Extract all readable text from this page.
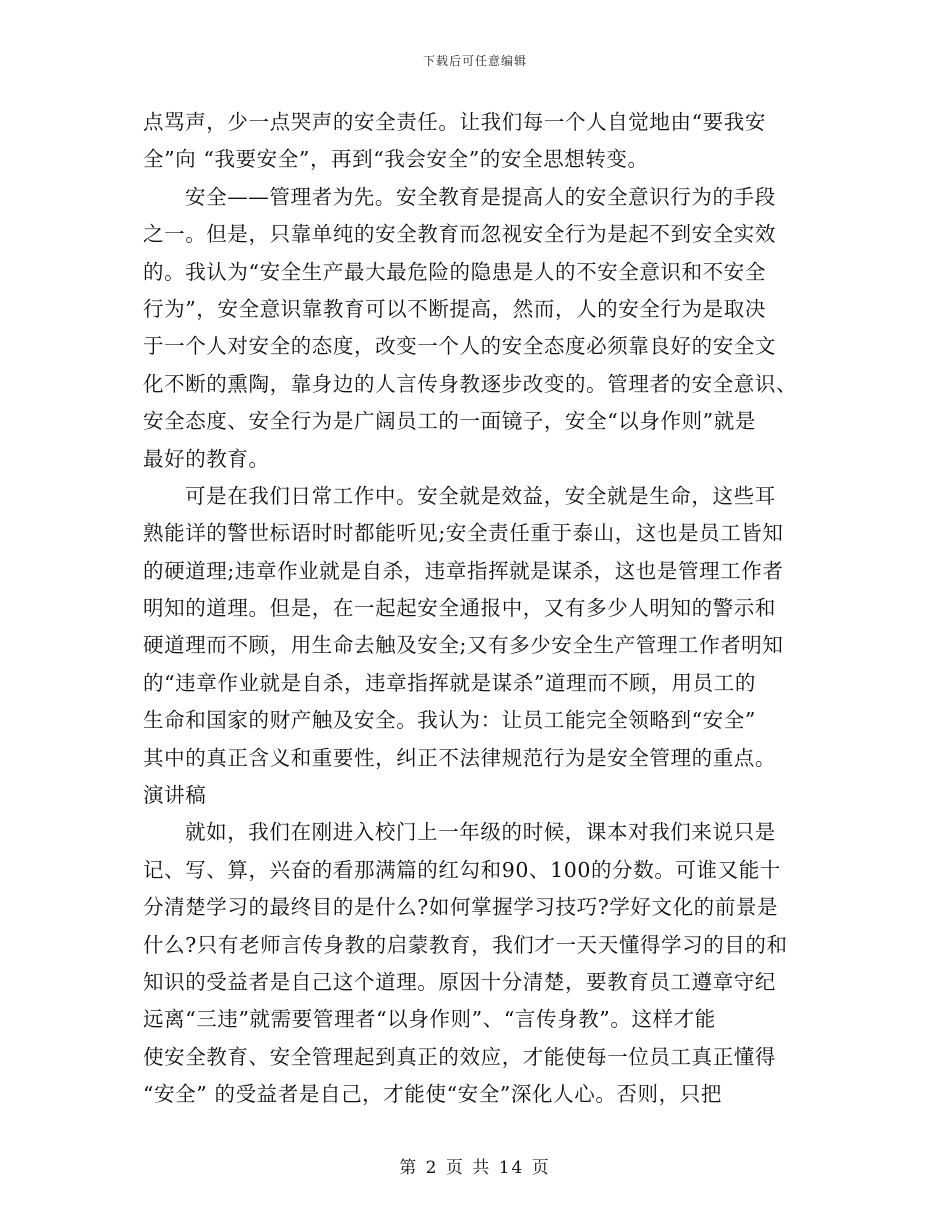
下载后可任意编辑
点骂声，少一点哭声的安全责任。让我们每一个人自觉地由“要我安
全”向 “我要安全”，再到“我会安全”的安全思想转变。
安全——管理者为先。安全教育是提高人的安全意识行为的手段
之一。但是，只靠单纯的安全教育而忽视安全行为是起不到安全实效
的。我认为“安全生产最大最危险的隐患是人的不安全意识和不安全
行为”，安全意识靠教育可以不断提高，然而，人的安全行为是取决
于一个人对安全的态度，改变一个人的安全态度必须靠良好的安全文
化不断的熏陶，靠身边的人言传身教逐步改变的。管理者的安全意识、
安全态度、安全行为是广阔员工的一面镜子，安全“以身作则”就是
最好的教育。
可是在我们日常工作中。安全就是效益，安全就是生命，这些耳
熟能详的警世标语时时都能听见;安全责任重于泰山，这也是员工皆知
的硬道理;违章作业就是自杀，违章指挥就是谋杀，这也是管理工作者
明知的道理。但是，在一起起安全通报中，又有多少人明知的警示和
硬道理而不顾，用生命去触及安全;又有多少安全生产管理工作者明知
的“违章作业就是自杀，违章指挥就是谋杀”道理而不顾，用员工的
生命和国家的财产触及安全。我认为：让员工能完全领略到“安全”
其中的真正含义和重要性，纠正不法律规范行为是安全管理的重点。
演讲稿
就如，我们在刚进入校门上一年级的时候，课本对我们来说只是
记、写、算，兴奋的看那满篇的红勾和90、100的分数。可谁又能十
分清楚学习的最终目的是什么?如何掌握学习技巧?学好文化的前景是
什么?只有老师言传身教的启蒙教育，我们才一天天懂得学习的目的和
知识的受益者是自己这个道理。原因十分清楚，要教育员工遵章守纪
远离“三违”就需要管理者“以身作则”、“言传身教”。这样才能
使安全教育、安全管理起到真正的效应，才能使每一位员工真正懂得
“安全” 的受益者是自己，才能使“安全”深化人心。否则，只把
第 2 页 共 14 页
